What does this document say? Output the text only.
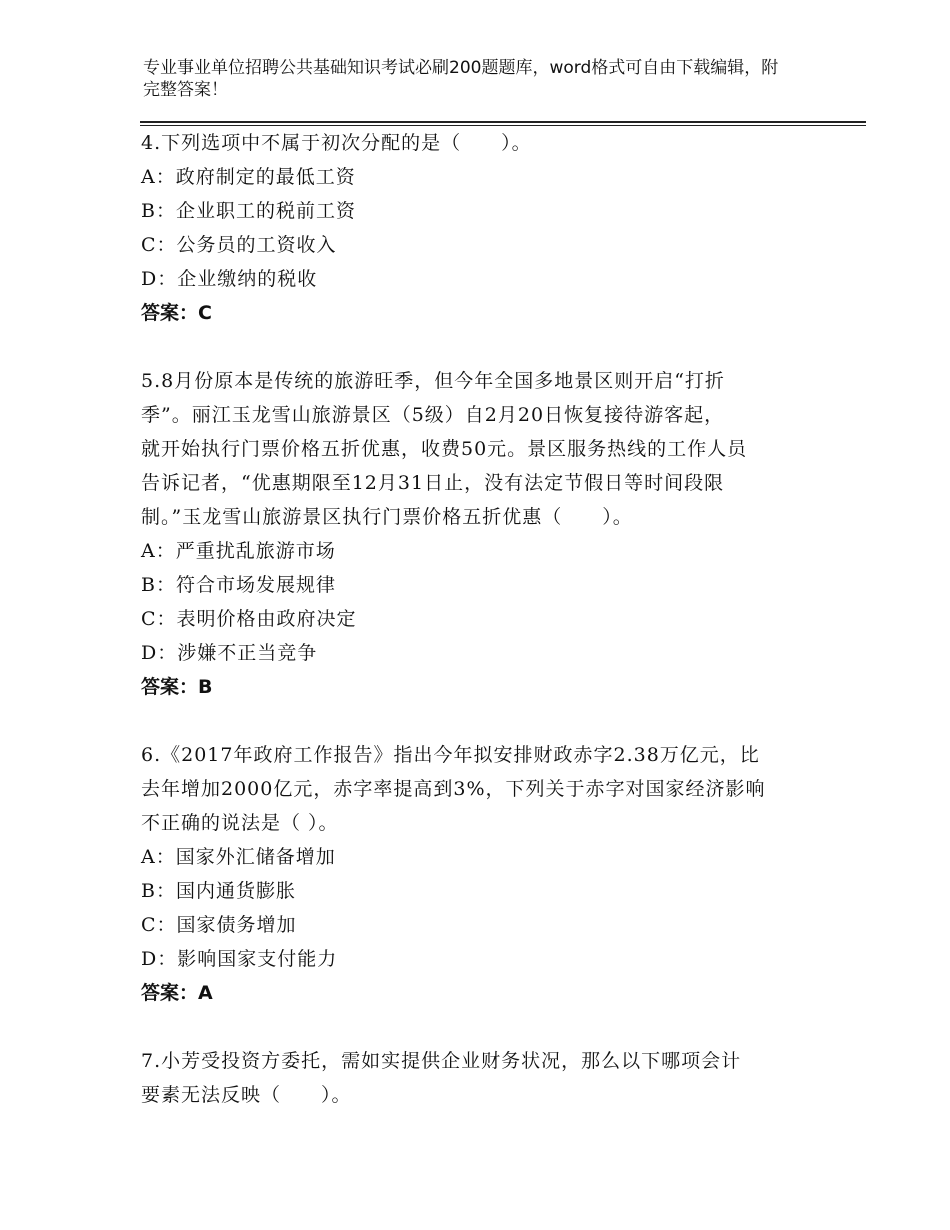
专业事业单位招聘公共基础知识考试必刷200题题库，word格式可自由下载编辑，附完整答案！

4.下列选项中不属于初次分配的是（　　）。

A：政府制定的最低工资

B：企业职工的税前工资

C：公务员的工资收入

D：企业缴纳的税收

答案：C

5.8月份原本是传统的旅游旺季，但今年全国多地景区则开启“打折

季”。丽江玉龙雪山旅游景区（5级）自2月20日恢复接待游客起，

就开始执行门票价格五折优惠，收费50元。景区服务热线的工作人员

告诉记者，“优惠期限至12月31日止，没有法定节假日等时间段限

制。”玉龙雪山旅游景区执行门票价格五折优惠（　　）。

A：严重扰乱旅游市场

B：符合市场发展规律

C：表明价格由政府决定

D：涉嫌不正当竞争

答案：B

6.《2017年政府工作报告》指出今年拟安排财政赤字2.38万亿元，比

去年增加2000亿元，赤字率提高到3%，下列关于赤字对国家经济影响

不正确的说法是（ ）。

A：国家外汇储备增加

B：国内通货膨胀

C：国家债务增加

D：影响国家支付能力

答案：A

7.小芳受投资方委托，需如实提供企业财务状况，那么以下哪项会计

要素无法反映（　　）。
